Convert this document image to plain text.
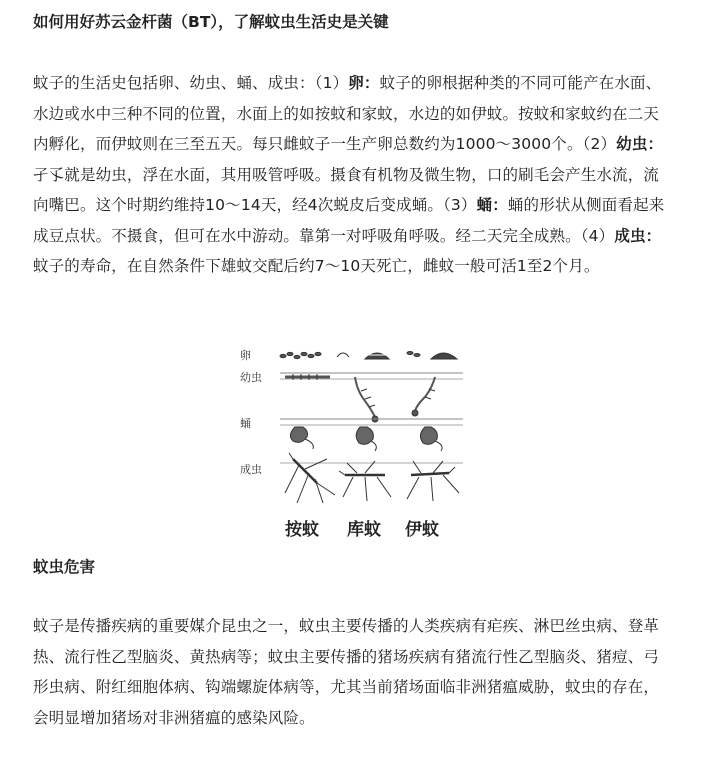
如何用好苏云金杆菌（BT），了解蚊虫生活史是关键
蚊子的生活史包括卵、幼虫、蛹、成虫：（1）卵：蚊子的卵根据种类的不同可能产在水面、水边或水中三种不同的位置，水面上的如按蚊和家蚊，水边的如伊蚊。按蚊和家蚊约在二天内孵化，而伊蚊则在三至五天。每只雌蚊子一生产卵总数约为1000～3000个。（2）幼虫：孑孓就是幼虫，浮在水面，其用吸管呼吸。摄食有机物及微生物，口的刷毛会产生水流，流向嘴巴。这个时期约维持10～14天，经4次蜕皮后变成蛹。（3）蛹：蛹的形状从侧面看起来成豆点状。不摄食，但可在水中游动。靠第一对呼吸角呼吸。经二天完全成熟。（4）成虫：蚊子的寿命，在自然条件下雄蚊交配后约7～10天死亡，雌蚊一般可活1至2个月。
卵
幼虫
蛹
成虫
按蚊 库蚊 伊蚊
蚊虫危害
蚊子是传播疾病的重要媒介昆虫之一，蚊虫主要传播的人类疾病有疟疾、淋巴丝虫病、登革热、流行性乙型脑炎、黄热病等；蚊虫主要传播的猪场疾病有猪流行性乙型脑炎、猪痘、弓形虫病、附红细胞体病、钩端螺旋体病等，尤其当前猪场面临非洲猪瘟威胁，蚊虫的存在，会明显增加猪场对非洲猪瘟的感染风险。
